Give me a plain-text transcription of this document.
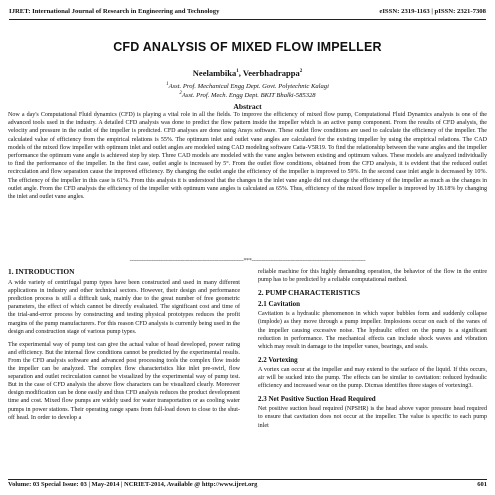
IJRET: International Journal of Research in Engineering and Technology	eISSN: 2319-1163 | pISSN: 2321-7308
CFD ANALYSIS OF MIXED FLOW IMPELLER
Neelambika$^1$, Veerbhadrappa$^2$
$^1$Asst. Prof. Mechanical Engg Dept. Govt. Polytechnic Kalagi
$^2$Asst. Prof. Mech. Engg Dept. BKIT Bhalki-585328
Abstract
Now a day's Computational Fluid dynamics (CFD) is playing a vital role in all the fields. To improve the efficiency of mixed flow pump, Computational Fluid Dynamics analysis is one of the advanced tools used in the industry. A detailed CFD analysis was done to predict the flow pattern inside the impeller which is an active pump component. From the results of CFD analysis, the velocity and pressure in the outlet of the impeller is predicted. CFD analyses are done using Ansys software. These outlet flow conditions are used to calculate the efficiency of the impeller. The calculated value of efficiency from the empirical relations is 55%. The optimum inlet and outlet vane angles are calculated for the existing impeller by using the empirical relations. The CAD models of the mixed flow impeller with optimum inlet and outlet angles are modeled using CAD modeling software Catia-V5R19. To find the relationship between the vane angles and the impeller performance the optimum vane angle is achieved step by step. Three CAD models are modeled with the vane angles between existing and optimum values. These models are analyzed individually to find the performance of the impeller. In the first case, outlet angle is increased by 5°. From the outlet flow conditions, obtained from the CFD analysis, it is evident that the reduced outlet recirculation and flow separation cause the improved efficiency. By changing the outlet angle the efficiency of the impeller is improved to 59%. In the second case inlet angle is decreased by 10%. The efficiency of the impeller in this case is 61%. From this analysis it is understood that the changes in the inlet vane angle did not change the efficiency of the impeller as much as the changes in outlet angle. From the CFD analysis the efficiency of the impeller with optimum vane angles is calculated as 65%. Thus, efficiency of the mixed flow impeller is improved by 18.18% by changing the inlet and outlet vane angles.
-------------------------------------------------------------------***-------------------------------------------------------------------
1. INTRODUCTION

A wide variety of centrifugal pump types have been constructed and used in many different applications in industry and other technical sectors. However, their design and performance prediction process is still a difficult task, mainly due to the great number of free geometric parameters, the effect of which cannot be directly evaluated. The significant cost and time of the trial-and-error process by constructing and testing physical prototypes reduces the profit margins of the pump manufacturers. For this reason CFD analysis is currently being used in the design and construction stage of various pump types.

The experimental way of pump test can give the actual value of head developed, power rating and efficiency. But the internal flow conditions cannot be predicted by the experimental results. From the CFD analysis software and advanced post processing tools the complex flow inside the impeller can be analyzed. The complex flow characteristics like inlet pre-swirl, flow separation and outlet recirculation cannot be visualized by the experimental way of pump test. But in the case of CFD analysis the above flow characters can be visualized clearly. Moreover design modification can be done easily and thus CFD analysis reduces the product development time and cost. Mixed flow pumps are widely used for water transportation or as cooling water pumps in power stations. Their operating range spans from full-load down to close to the shut-off head. In order to develop a

reliable machine for this highly demanding operation, the behavior of the flow in the entire pump has to be predicted by a reliable computational method.

2. PUMP CHARACTERISTICS
2.1 Cavitation

Cavitation is a hydraulic phenomenon in which vapor bubbles form and suddenly collapse (implode) as they move through a pump impeller. Implosions occur on each of the vanes of the impeller causing excessive noise. The hydraulic effect on the pump is a significant reduction in performance. The mechanical effects can include shock waves and vibration which may result in damage to the impeller vanes, bearings, and seals.

2.2 Vortexing

A vortex can occur at the impeller and may extend to the surface of the liquid. If this occurs, air will be sucked into the pump. The effects can be similar to cavitation: reduced hydraulic efficiency and increased wear on the pump. Dicmas identifies three stages of vortexing3.

2.3 Net Positive Suction Head Required

Net positive suction head required (NPSHR) is the head above vapor pressure head required to ensure that cavitation does not occur at the impeller. The value is specific to each pump inlet

Volume: 03 Special Issue: 03 | May-2014 | NCRIET-2014, Available @ http://www.ijret.org	601
